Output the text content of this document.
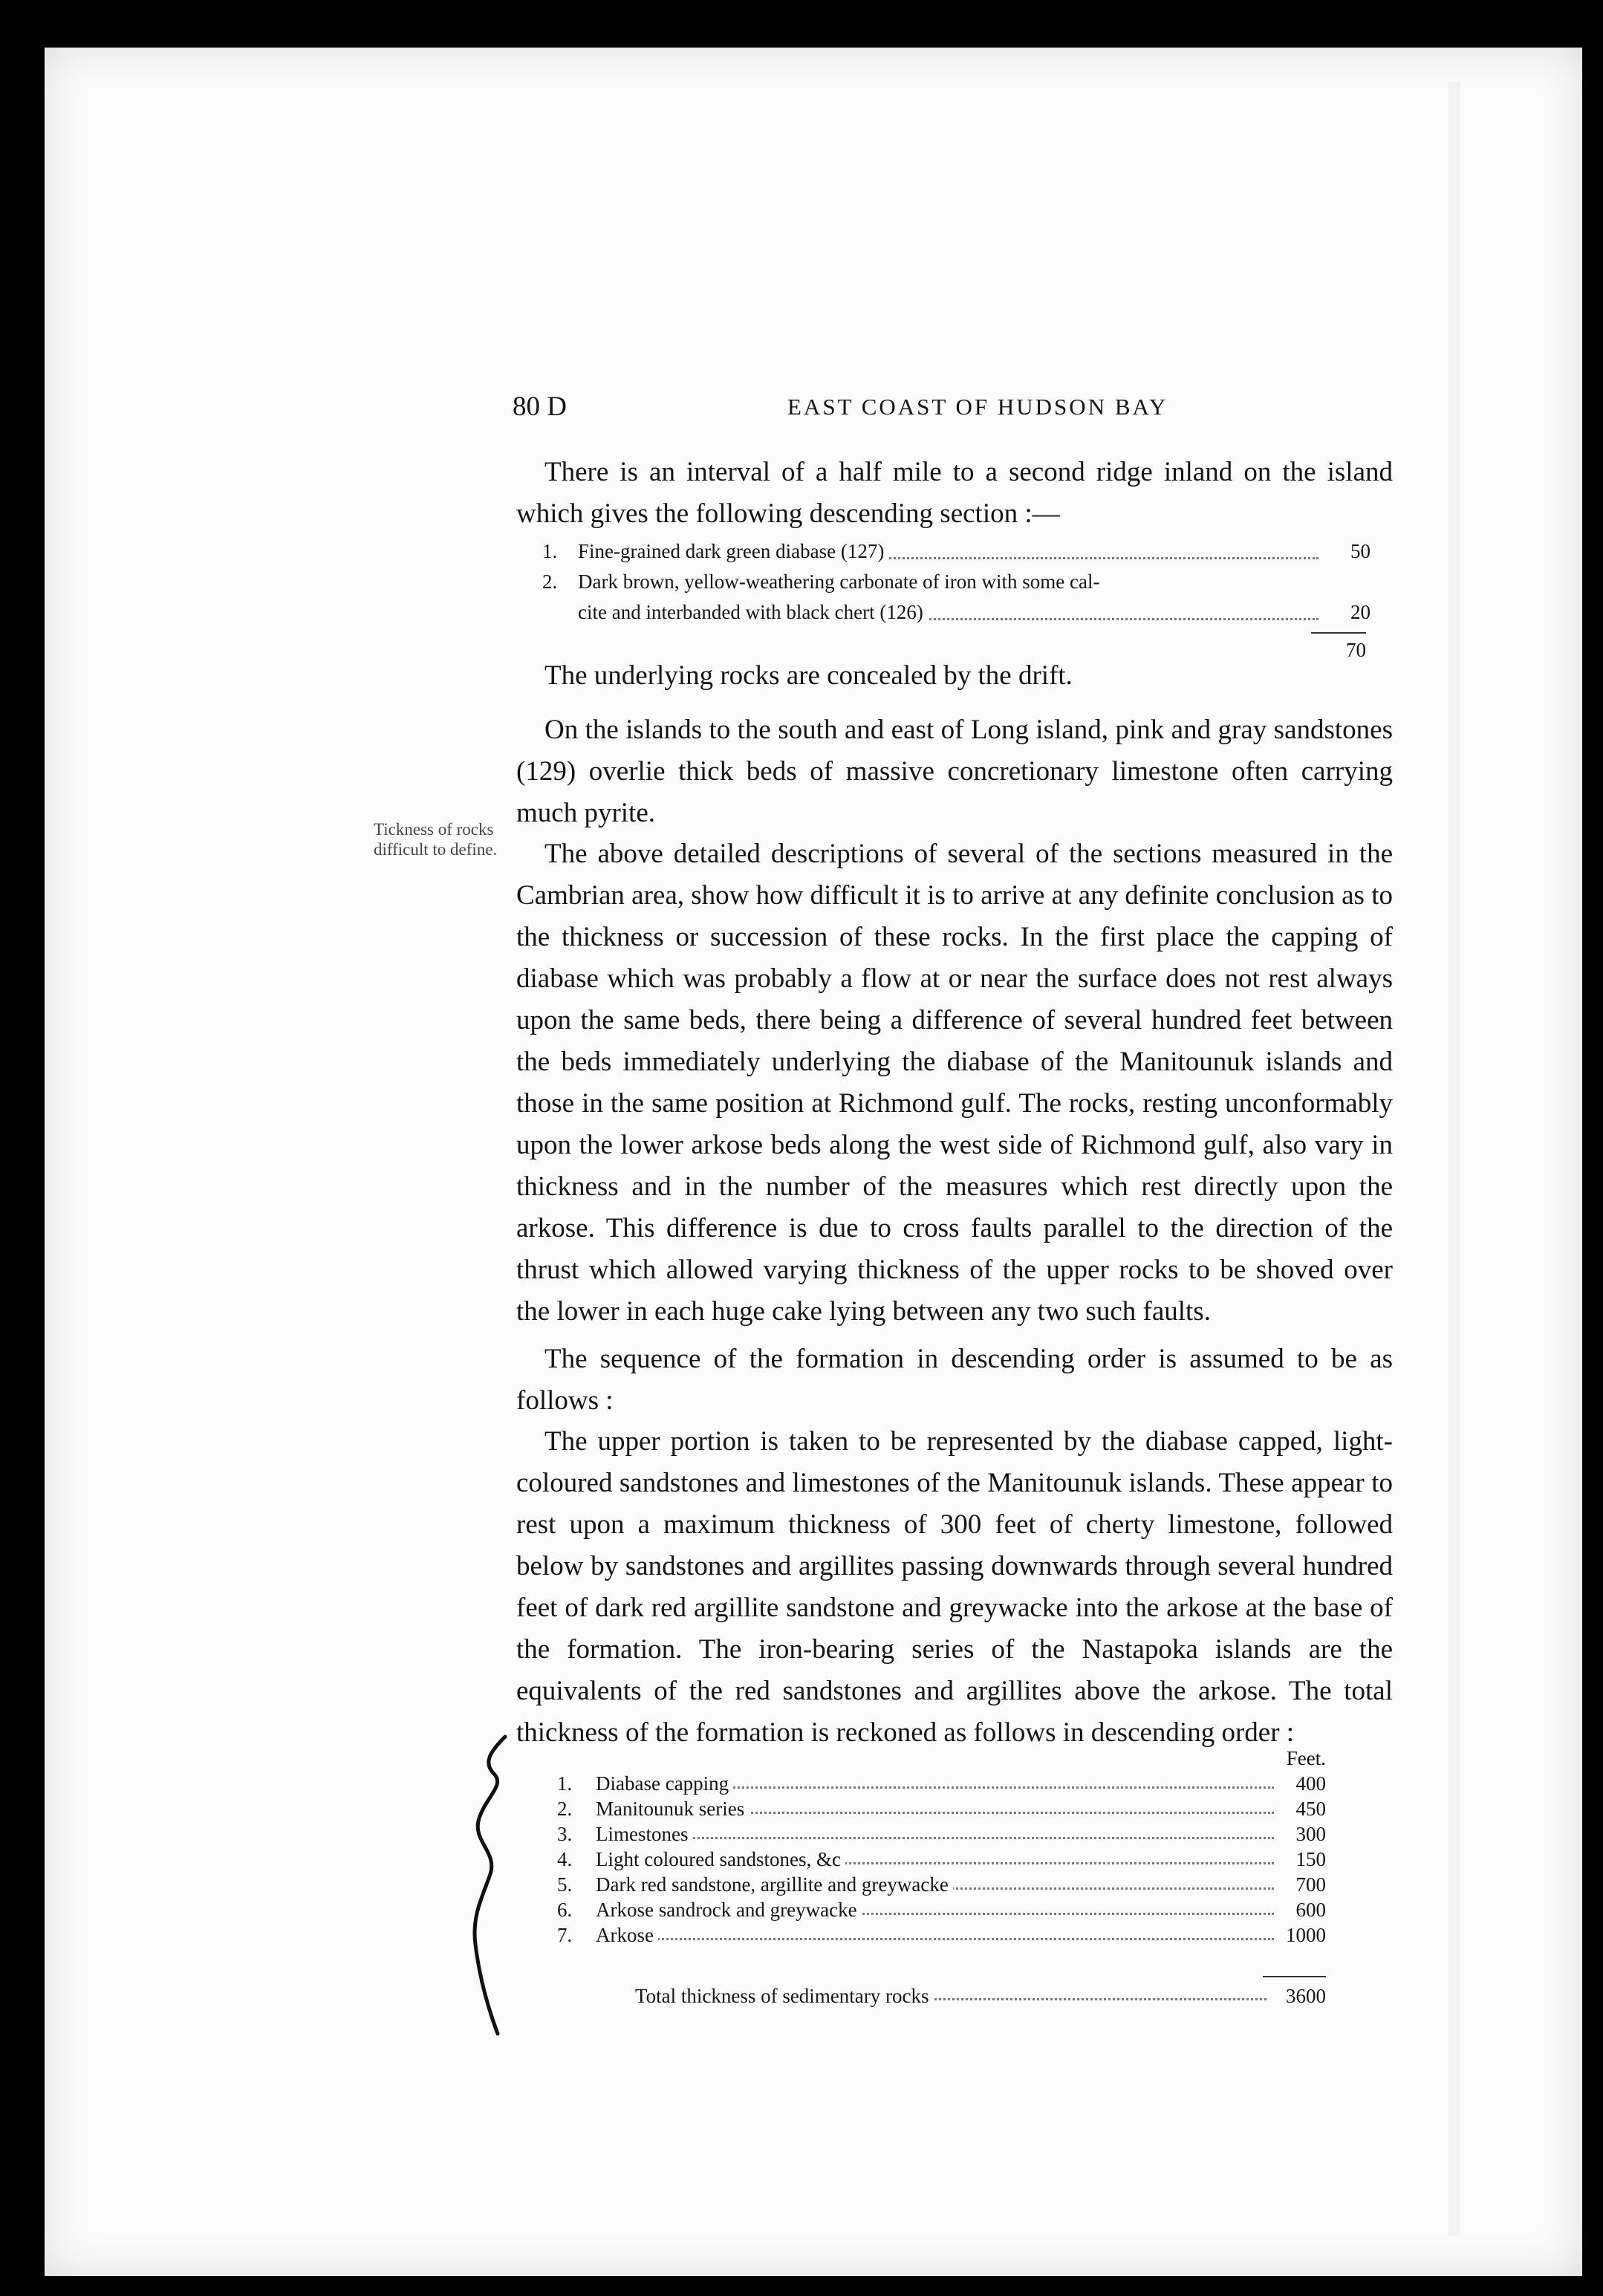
80 D	EAST COAST OF HUDSON BAY

There is an interval of a half mile to a second ridge inland on the island which gives the following descending section :—

1.	Fine-grained dark green diabase (127)	50
2.	Dark brown, yellow-weathering carbonate of iron with some cal-
cite and interbanded with black chert (126)	20
70

The underlying rocks are concealed by the drift.

On the islands to the south and east of Long island, pink and gray sandstones (129) overlie thick beds of massive concretionary limestone often carrying much pyrite.

Tickness of rocks difficult to define.	The above detailed descriptions of several of the sections measured in the Cambrian area, show how difficult it is to arrive at any definite conclusion as to the thickness or succession of these rocks. In the first place the capping of diabase which was probably a flow at or near the surface does not rest always upon the same beds, there being a difference of several hundred feet between the beds immediately underlying the diabase of the Manitounuk islands and those in the same position at Richmond gulf. The rocks, resting unconformably upon the lower arkose beds along the west side of Richmond gulf, also vary in thickness and in the number of the measures which rest directly upon the arkose. This difference is due to cross faults parallel to the direction of the thrust which allowed varying thickness of the upper rocks to be shoved over the lower in each huge cake lying between any two such faults.

The sequence of the formation in descending order is assumed to be as follows :

The upper portion is taken to be represented by the diabase capped, light-coloured sandstones and limestones of the Manitounuk islands. These appear to rest upon a maximum thickness of 300 feet of cherty limestone, followed below by sandstones and argillites passing downwards through several hundred feet of dark red argillite sandstone and greywacke into the arkose at the base of the formation. The iron-bearing series of the Nastapoka islands are the equivalents of the red sandstones and argillites above the arkose. The total thickness of the formation is reckoned as follows in descending order :

Feet.
1.	Diabase capping	400
2.	Manitounuk series	450
3.	Limestones	300
4.	Light coloured sandstones, &c	150
5.	Dark red sandstone, argillite and greywacke	700
6.	Arkose sandrock and greywacke	600
7.	Arkose	1000
Total thickness of sedimentary rocks	3600
